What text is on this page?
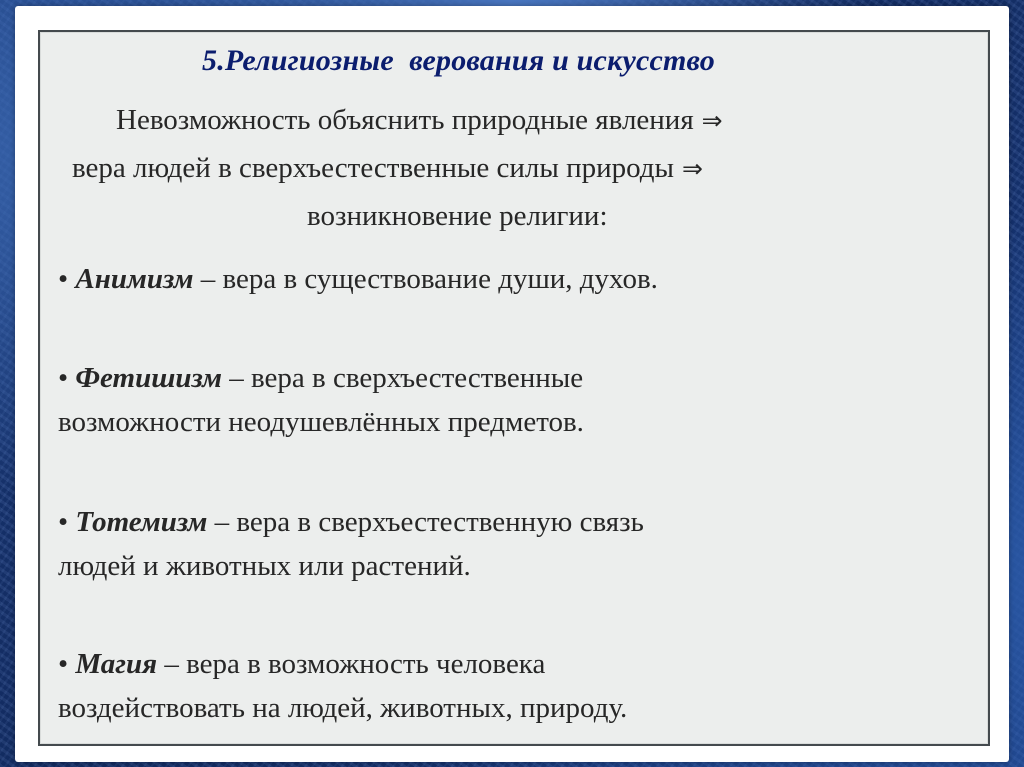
5.Религиозные  верования и искусство

Невозможность объяснить природные явления ⇒

вера людей в сверхъестественные силы природы ⇒

возникновение религии:

• Анимизм – вера в существование души, духов.
• Фетишизм – вера в сверхъестественные
возможности неодушевлённых предметов.
• Тотемизм – вера в сверхъестественную связь
людей и животных или растений.
• Магия – вера в возможность человека
воздействовать на людей, животных, природу.
